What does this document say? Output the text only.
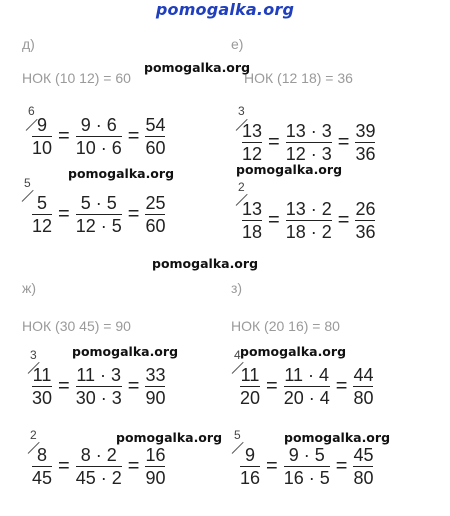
pomogalka.org
д)
НОК (10 12) = 60
6
$\frac{9}{10} = \frac{9 \cdot 6}{10 \cdot 6} = \frac{54}{60}$
5
$\frac{5}{12} = \frac{5 \cdot 5}{12 \cdot 5} = \frac{25}{60}$
е)
НОК (12 18) = 36
3
$\frac{13}{12} = \frac{13 \cdot 3}{12 \cdot 3} = \frac{39}{36}$
2
$\frac{13}{18} = \frac{13 \cdot 2}{18 \cdot 2} = \frac{26}{36}$
ж)
НОК (30 45) = 90
3
$\frac{11}{30} = \frac{11 \cdot 3}{30 \cdot 3} = \frac{33}{90}$
2
$\frac{8}{45} = \frac{8 \cdot 2}{45 \cdot 2} = \frac{16}{90}$
з)
НОК (20 16) = 80
4
$\frac{11}{20} = \frac{11 \cdot 4}{20 \cdot 4} = \frac{44}{80}$
5
$\frac{9}{16} = \frac{9 \cdot 5}{16 \cdot 5} = \frac{45}{80}$
pomogalka.org
pomogalka.org	pomogalka.org
pomogalka.org
pomogalka.org	pomogalka.org
pomogalka.org	pomogalka.org
